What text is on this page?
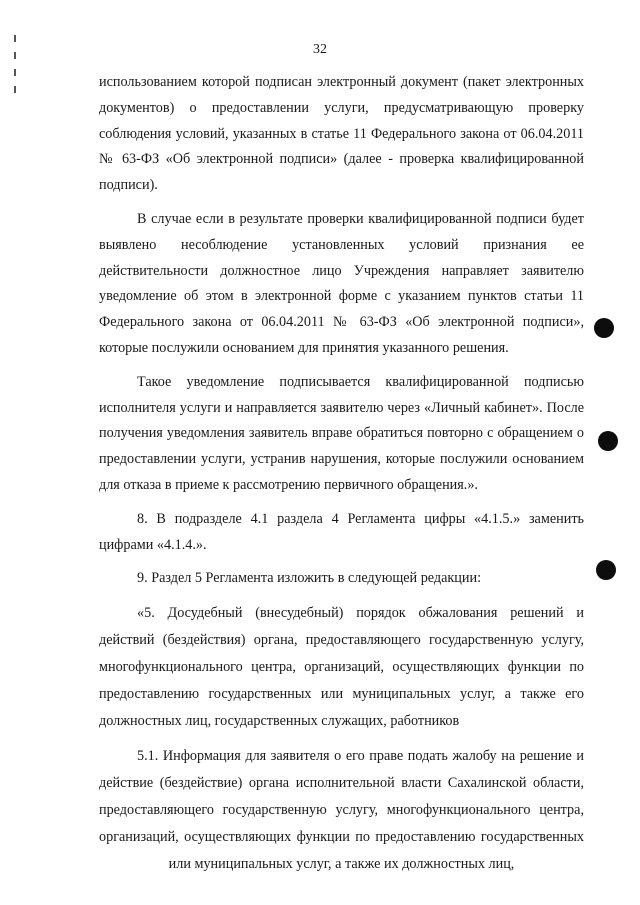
32

использованием которой подписан электронный документ (пакет электронных документов) о предоставлении услуги, предусматривающую проверку соблюдения условий, указанных в статье 11 Федерального закона от 06.04.2011 № 63-ФЗ «Об электронной подписи» (далее - проверка квалифицированной подписи).

В случае если в результате проверки квалифицированной подписи будет выявлено несоблюдение установленных условий признания ее действительности должностное лицо Учреждения направляет заявителю уведомление об этом в электронной форме с указанием пунктов статьи 11 Федерального закона от 06.04.2011 № 63-ФЗ «Об электронной подписи», которые послужили основанием для принятия указанного решения.

Такое уведомление подписывается квалифицированной подписью исполнителя услуги и направляется заявителю через «Личный кабинет». После получения уведомления заявитель вправе обратиться повторно с обращением о предоставлении услуги, устранив нарушения, которые послужили основанием для отказа в приеме к рассмотрению первичного обращения.».

8. В подразделе 4.1 раздела 4 Регламента цифры «4.1.5.» заменить цифрами «4.1.4.».

9. Раздел 5 Регламента изложить в следующей редакции:

«5. Досудебный (внесудебный) порядок обжалования решений и действий (бездействия) органа, предоставляющего государственную услугу, многофункционального центра, организаций, осуществляющих функции по предоставлению государственных или муниципальных услуг, а также его должностных лиц, государственных служащих, работников

5.1. Информация для заявителя о его праве подать жалобу на решение и действие (бездействие) органа исполнительной власти Сахалинской области, предоставляющего государственную услугу, многофункционального центра, организаций, осуществляющих функции по предоставлению государственных или муниципальных услуг, а также их должностных лиц,
